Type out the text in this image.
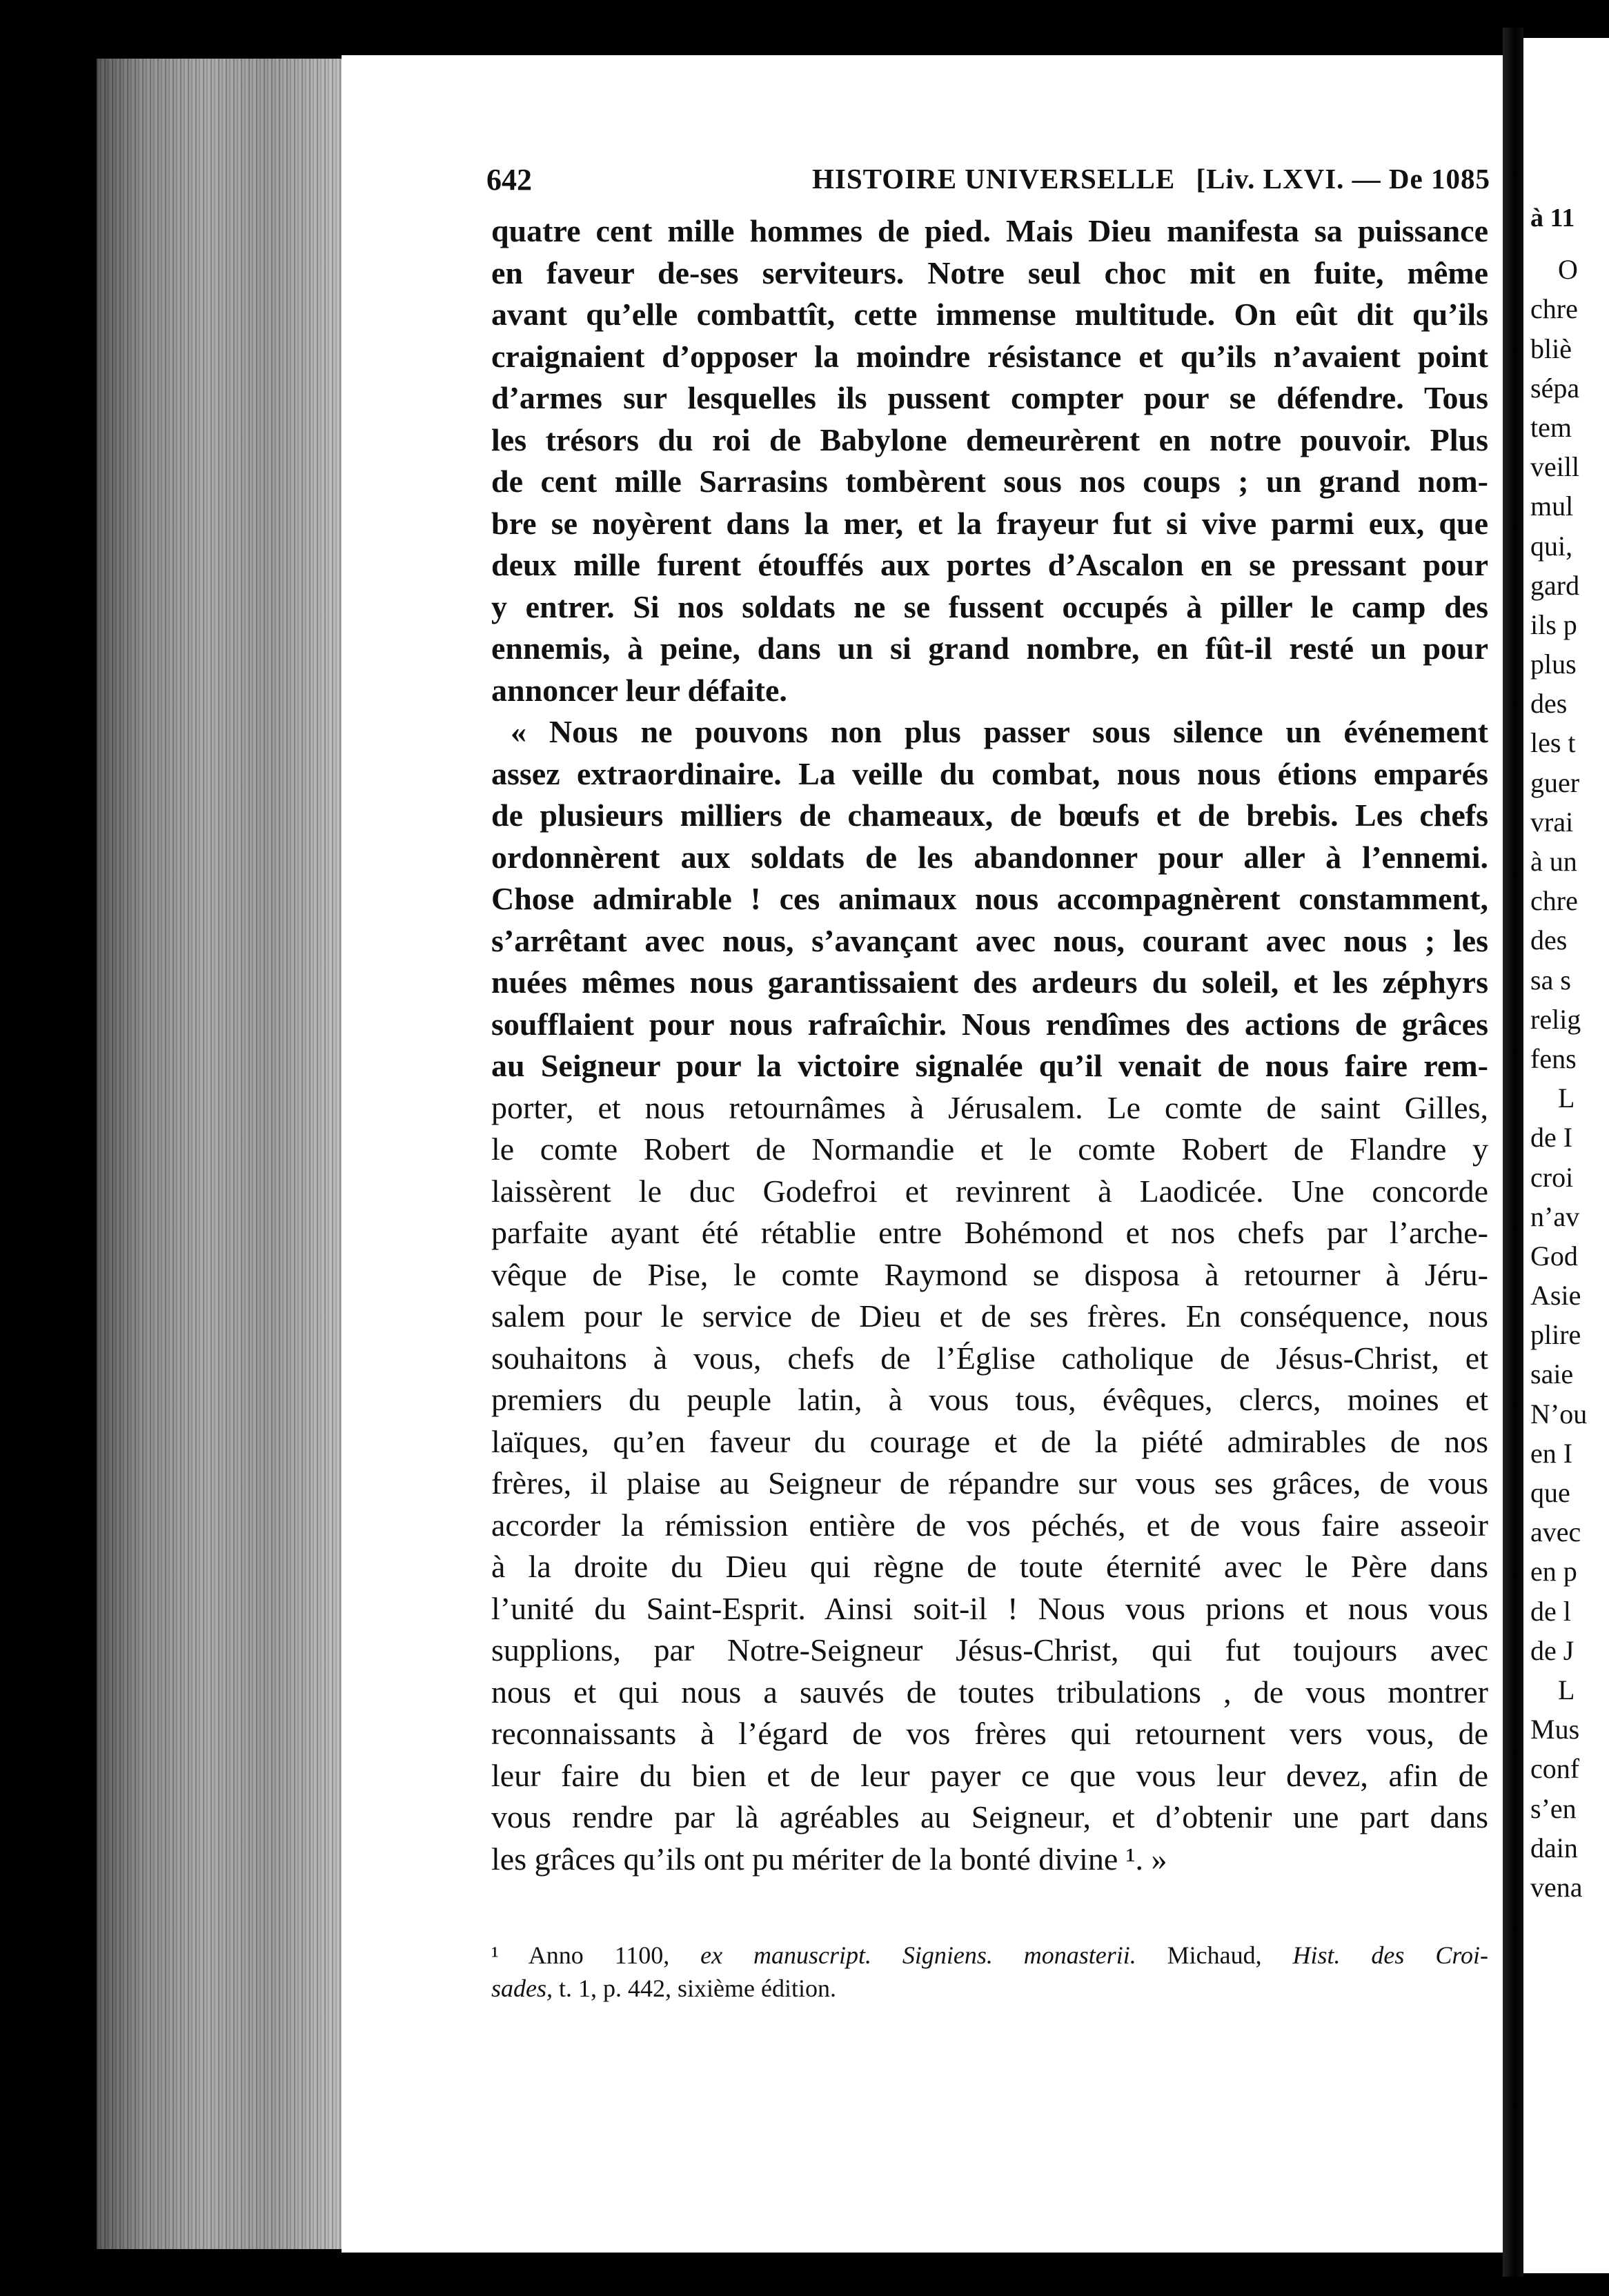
à 11
O
chre
bliè
sépa
tem
veill
mul
qui,
gard
ils p
plus
des
les t
guer
vrai
à un
chre
des
sa s
relig
fens
L
de I
croi
n’av
God
Asie
plire
saie
N’ou
en I
que
avec
en p
de l
de J
L
Mus
conf
s’en
dain
vena
642	HISTOIRE UNIVERSELLE [Liv. LXVI. — De 1085
quatre cent mille hommes de pied. Mais Dieu manifesta sa puissance
en faveur de-ses serviteurs. Notre seul choc mit en fuite, même
avant qu’elle combattît, cette immense multitude. On eût dit qu’ils
craignaient d’opposer la moindre résistance et qu’ils n’avaient point
d’armes sur lesquelles ils pussent compter pour se défendre. Tous
les trésors du roi de Babylone demeurèrent en notre pouvoir. Plus
de cent mille Sarrasins tombèrent sous nos coups ; un grand nom-
bre se noyèrent dans la mer, et la frayeur fut si vive parmi eux, que
deux mille furent étouffés aux portes d’Ascalon en se pressant pour
y entrer. Si nos soldats ne se fussent occupés à piller le camp des
ennemis, à peine, dans un si grand nombre, en fût-il resté un pour
annoncer leur défaite.
« Nous ne pouvons non plus passer sous silence un événement
assez extraordinaire. La veille du combat, nous nous étions emparés
de plusieurs milliers de chameaux, de bœufs et de brebis. Les chefs
ordonnèrent aux soldats de les abandonner pour aller à l’ennemi.
Chose admirable ! ces animaux nous accompagnèrent constamment,
s’arrêtant avec nous, s’avançant avec nous, courant avec nous ; les
nuées mêmes nous garantissaient des ardeurs du soleil, et les zéphyrs
soufflaient pour nous rafraîchir. Nous rendîmes des actions de grâces
au Seigneur pour la victoire signalée qu’il venait de nous faire rem-
porter, et nous retournâmes à Jérusalem. Le comte de saint Gilles,
le comte Robert de Normandie et le comte Robert de Flandre y
laissèrent le duc Godefroi et revinrent à Laodicée. Une concorde
parfaite ayant été rétablie entre Bohémond et nos chefs par l’arche-
vêque de Pise, le comte Raymond se disposa à retourner à Jéru-
salem pour le service de Dieu et de ses frères. En conséquence, nous
souhaitons à vous, chefs de l’Église catholique de Jésus-Christ, et
premiers du peuple latin, à vous tous, évêques, clercs, moines et
laïques, qu’en faveur du courage et de la piété admirables de nos
frères, il plaise au Seigneur de répandre sur vous ses grâces, de vous
accorder la rémission entière de vos péchés, et de vous faire asseoir
à la droite du Dieu qui règne de toute éternité avec le Père dans
l’unité du Saint-Esprit. Ainsi soit-il ! Nous vous prions et nous vous
supplions, par Notre-Seigneur Jésus-Christ, qui fut toujours avec
nous et qui nous a sauvés de toutes tribulations , de vous montrer
reconnaissants à l’égard de vos frères qui retournent vers vous, de
leur faire du bien et de leur payer ce que vous leur devez, afin de
vous rendre par là agréables au Seigneur, et d’obtenir une part dans
les grâces qu’ils ont pu mériter de la bonté divine ¹. »
¹ Anno 1100, ex manuscript. Signiens. monasterii. Michaud, Hist. des Croi-
sades, t. 1, p. 442, sixième édition.
